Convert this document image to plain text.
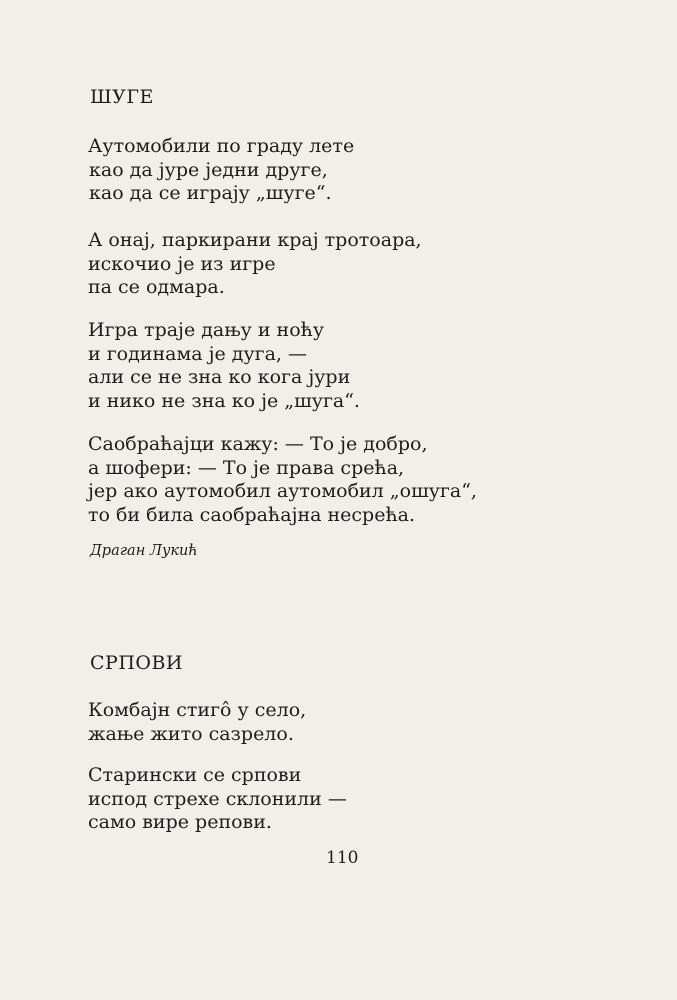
ШУГЕ
Аутомобили по граду лете
као да јуре једни друге,
као да се играју „шуге“.
А онај, паркирани крај тротоара,
искочио је из игре
па се одмара.
Игра траје дању и ноћу
и годинама је дуга, —
али се не зна ко кога јури
и нико не зна ко је „шуга“.
Саобраћајци кажу: — То је добро,
а шофери: — То је права срећа,
јер ако аутомобил аутомобил „ошуга“,
то би била саобраћајна несрећа.
Драган Лукић
СРПОВИ
Комбајн стигô у село,
жање жито сазрело.
Старински се српови
испод стрехе склонили —
само вире репови.
110
